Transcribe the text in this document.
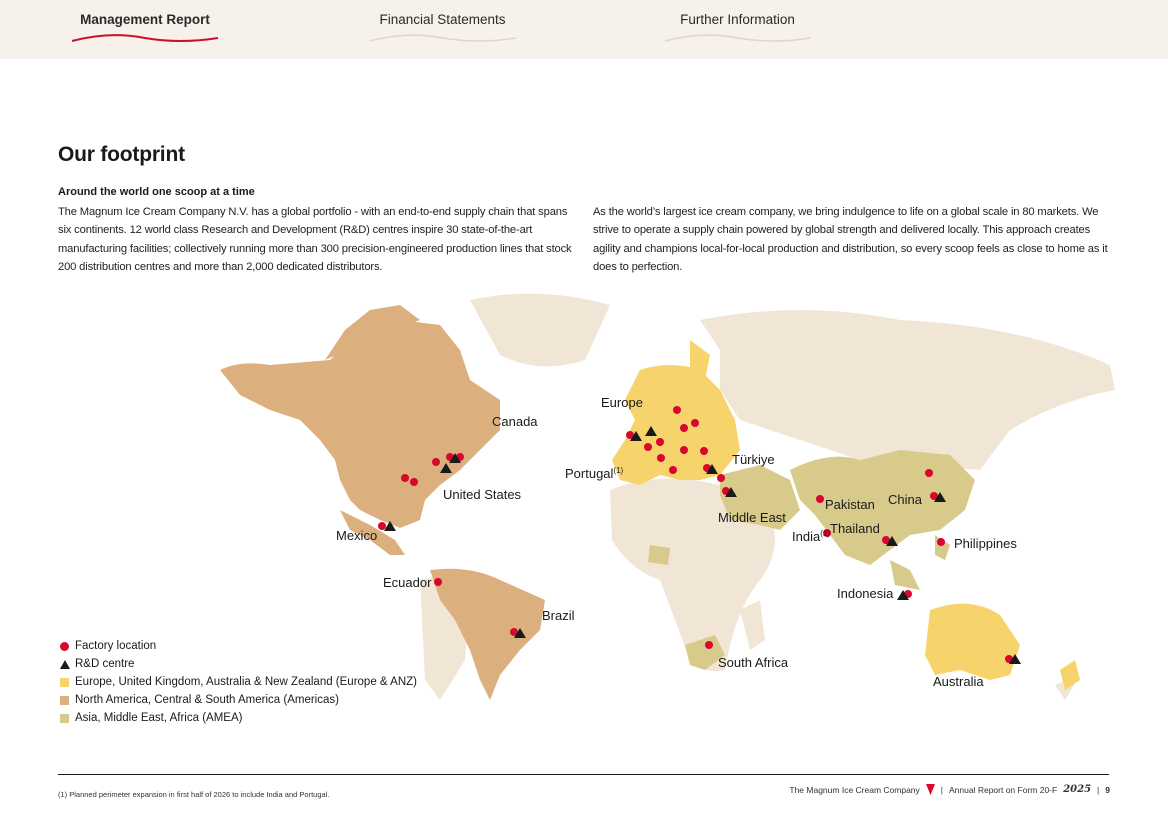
Management Report	Financial Statements	Further Information
Our footprint
Around the world one scoop at a time
The Magnum Ice Cream Company N.V. has a global portfolio - with an end-to-end supply chain that spans six continents. 12 world class Research and Development (R&D) centres inspire 30 state-of-the-art manufacturing facilities; collectively running more than 300 precision-engineered production lines that stock 200 distribution centres and more than 2,000 dedicated distributors.
As the world’s largest ice cream company, we bring indulgence to life on a global scale in 80 markets. We strive to operate a supply chain powered by global strength and delivered locally. This approach creates agility and champions local-for-local production and distribution, so every scoop feels as close to home as it does to perfection.
Canada
United States
Mexico
Ecuador
Brazil
Europe
Portugal$^{(1)}$
Türkiye
Middle East
Pakistan
India$^{(1)}$
China
Thailand
Philippines
Indonesia
South Africa
Australia
Factory location
R&D centre
Europe, United Kingdom, Australia & New Zealand (Europe & ANZ)
North America, Central & South America (Americas)
Asia, Middle East, Africa (AMEA)
(1) Planned perimeter expansion in first half of 2026 to include India and Portugal.	The Magnum Ice Cream Company | Annual Report on Form 20-F 2025 | 9
